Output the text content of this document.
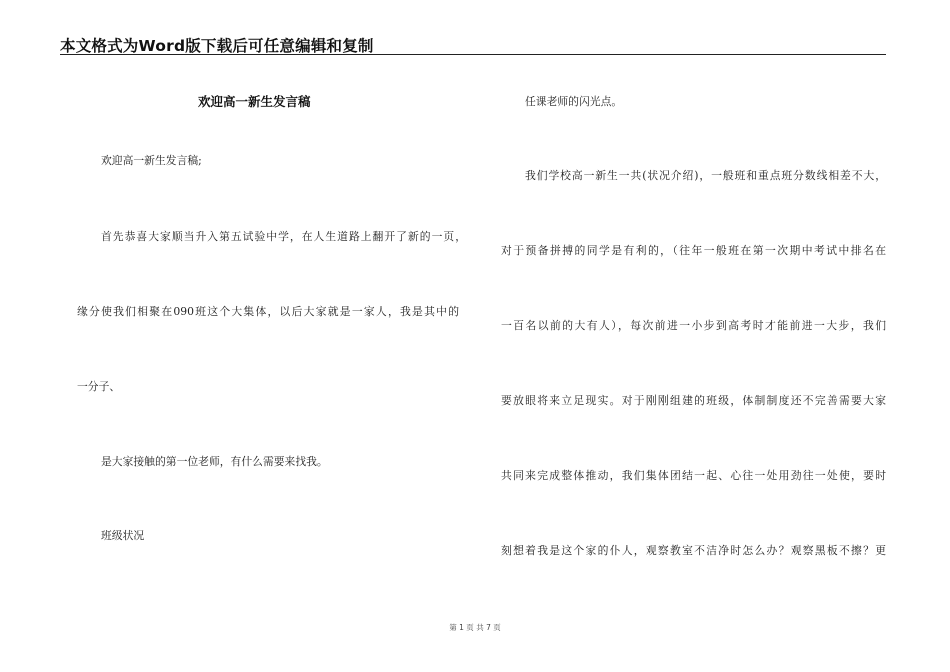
本文格式为Word版下载后可任意编辑和复制
欢迎高一新生发言稿
欢迎高一新生发言稿;
首先恭喜大家顺当升入第五试验中学，在人生道路上翻开了新的一页，
缘分使我们相聚在090班这个大集体，以后大家就是一家人，我是其中的
一分子、
是大家接触的第一位老师，有什么需要来找我。
班级状况
任课老师的闪光点。
我们学校高一新生一共(状况介绍)，一般班和重点班分数线相差不大，
对于预备拼搏的同学是有利的，（往年一般班在第一次期中考试中排名在
一百名以前的大有人），每次前进一小步到高考时才能前进一大步，我们
要放眼将来立足现实。对于刚刚组建的班级，体制制度还不完善需要大家
共同来完成整体推动，我们集体团结一起、心往一处用劲往一处使，要时
刻想着我是这个家的仆人，观察教室不洁净时怎么办？观察黑板不擦？更
第 1 页 共 7 页
